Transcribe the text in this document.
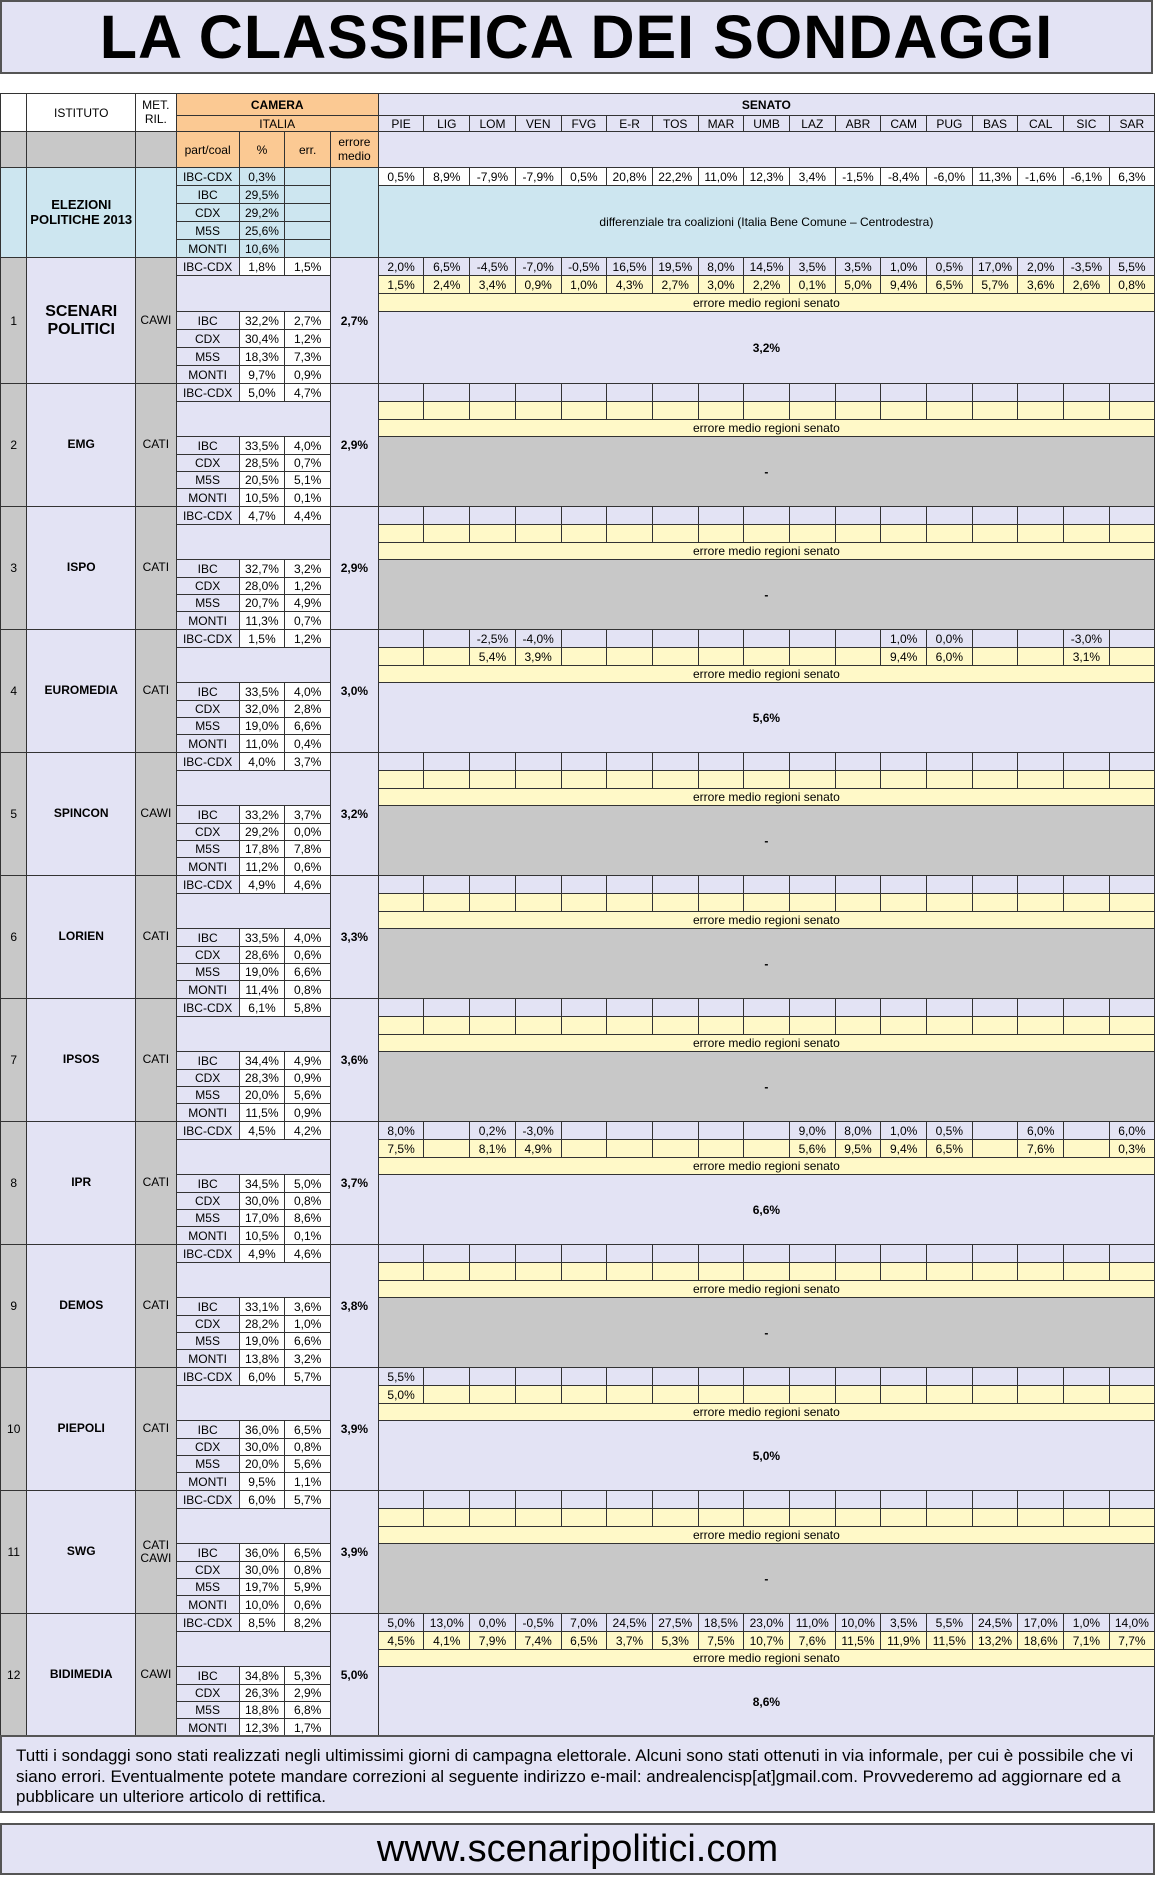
LA CLASSIFICA DEI SONDAGGI
	ISTITUTO	MET. RIL.	CAMERA				SENATO																
			ITALIA				PIE	LIG	LOM	VEN	FVG	E-R	TOS	MAR	UMB	LAZ	ABR	CAM	PUG	BAS	CAL	SIC	SAR
			part/coal	%	err.	errore medio																	
	ELEZIONI POLITICHE 2013		IBC-CDX	0,3%			0,5%	8,9%	-7,9%	-7,9%	0,5%	20,8%	22,2%	11,0%	12,3%	3,4%	-1,5%	-8,4%	-6,0%	11,3%	-1,6%	-6,1%	6,3%
			IBC	29,5%			differenziale tra coalizioni (Italia Bene Comune – Centrodestra)																
			CDX	29,2%																			
			M5S	25,6%																			
			MONTI	10,6%																			
1	SCENARI POLITICI	CAWI	IBC-CDX	1,8%	1,5%	2,7%	2,0%	6,5%	-4,5%	-7,0%	-0,5%	16,5%	19,5%	8,0%	14,5%	3,5%	3,5%	1,0%	0,5%	17,0%	2,0%	-3,5%	5,5%
							1,5%	2,4%	3,4%	0,9%	1,0%	4,3%	2,7%	3,0%	2,2%	0,1%	5,0%	9,4%	6,5%	5,7%	3,6%	2,6%	0,8%
							errore medio regioni senato																
			IBC	32,2%	2,7%		3,2%																
			CDX	30,4%	1,2%																		
			M5S	18,3%	7,3%																		
			MONTI	9,7%	0,9%																		
2	EMG	CATI	IBC-CDX	5,0%	4,7%	2,9%																	

							errore medio regioni senato																
			IBC	33,5%	4,0%		-																
			CDX	28,5%	0,7%																		
			M5S	20,5%	5,1%																		
			MONTI	10,5%	0,1%																		
3	ISPO	CATI	IBC-CDX	4,7%	4,4%	2,9%																	

							errore medio regioni senato																
			IBC	32,7%	3,2%		-																
			CDX	28,0%	1,2%																		
			M5S	20,7%	4,9%																		
			MONTI	11,3%	0,7%																		
4	EUROMEDIA	CATI	IBC-CDX	1,5%	1,2%	3,0%			-2,5%	-4,0%								1,0%	0,0%			-3,0%	
									5,4%	3,9%								9,4%	6,0%			3,1%	
							errore medio regioni senato																
			IBC	33,5%	4,0%		5,6%																
			CDX	32,0%	2,8%																		
			M5S	19,0%	6,6%																		
			MONTI	11,0%	0,4%																		
5	SPINCON	CAWI	IBC-CDX	4,0%	3,7%	3,2%																	

							errore medio regioni senato																
			IBC	33,2%	3,7%		-																
			CDX	29,2%	0,0%																		
			M5S	17,8%	7,8%																		
			MONTI	11,2%	0,6%																		
6	LORIEN	CATI	IBC-CDX	4,9%	4,6%	3,3%																	

							errore medio regioni senato																
			IBC	33,5%	4,0%		-																
			CDX	28,6%	0,6%																		
			M5S	19,0%	6,6%																		
			MONTI	11,4%	0,8%																		
7	IPSOS	CATI	IBC-CDX	6,1%	5,8%	3,6%																	

							errore medio regioni senato																
			IBC	34,4%	4,9%		-																
			CDX	28,3%	0,9%																		
			M5S	20,0%	5,6%																		
			MONTI	11,5%	0,9%																		
8	IPR	CATI	IBC-CDX	4,5%	4,2%	3,7%	8,0%		0,2%	-3,0%						9,0%	8,0%	1,0%	0,5%		6,0%		6,0%
							7,5%		8,1%	4,9%						5,6%	9,5%	9,4%	6,5%		7,6%		0,3%
							errore medio regioni senato																
			IBC	34,5%	5,0%		6,6%																
			CDX	30,0%	0,8%																		
			M5S	17,0%	8,6%																		
			MONTI	10,5%	0,1%																		
9	DEMOS	CATI	IBC-CDX	4,9%	4,6%	3,8%																	

							errore medio regioni senato																
			IBC	33,1%	3,6%		-																
			CDX	28,2%	1,0%																		
			M5S	19,0%	6,6%																		
			MONTI	13,8%	3,2%																		
10	PIEPOLI	CATI	IBC-CDX	6,0%	5,7%	3,9%	5,5%																
							5,0%																
							errore medio regioni senato																
			IBC	36,0%	6,5%		5,0%																
			CDX	30,0%	0,8%																		
			M5S	20,0%	5,6%																		
			MONTI	9,5%	1,1%																		
11	SWG	CATI CAWI	IBC-CDX	6,0%	5,7%	3,9%																	

							errore medio regioni senato																
			IBC	36,0%	6,5%		-																
			CDX	30,0%	0,8%																		
			M5S	19,7%	5,9%																		
			MONTI	10,0%	0,6%																		
12	BIDIMEDIA	CAWI	IBC-CDX	8,5%	8,2%	5,0%	5,0%	13,0%	0,0%	-0,5%	7,0%	24,5%	27,5%	18,5%	23,0%	11,0%	10,0%	3,5%	5,5%	24,5%	17,0%	1,0%	14,0%
							4,5%	4,1%	7,9%	7,4%	6,5%	3,7%	5,3%	7,5%	10,7%	7,6%	11,5%	11,9%	11,5%	13,2%	18,6%	7,1%	7,7%
							errore medio regioni senato																
			IBC	34,8%	5,3%		8,6%																
			CDX	26,3%	2,9%																		
			M5S	18,8%	6,8%																		
			MONTI	12,3%	1,7%																		
Tutti i sondaggi sono stati realizzati negli ultimissimi giorni di campagna elettorale. Alcuni sono stati ottenuti in via informale, per cui è possibile che vi siano errori. Eventualmente potete mandare correzioni al seguente indirizzo e-mail: andrealencisp[at]gmail.com. Provvederemo ad aggiornare ed a pubblicare un ulteriore articolo di rettifica.
www.scenaripolitici.com
